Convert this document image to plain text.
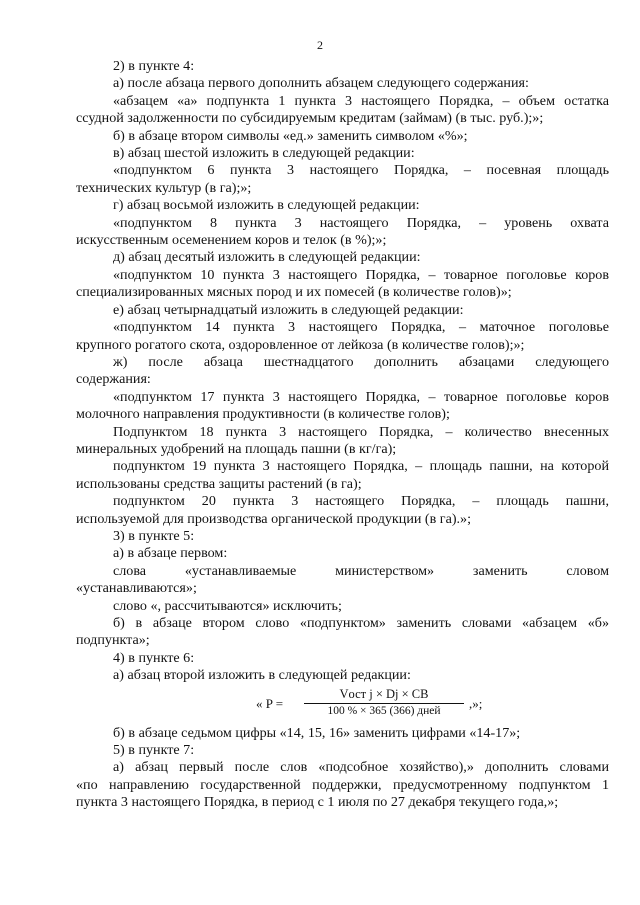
2

2) в пункте 4:

а) после абзаца первого дополнить абзацем следующего содержания:

«абзацем «а» подпункта 1 пункта 3 настоящего Порядка, – объем остатка
ссудной задолженности по субсидируемым кредитам (займам) (в тыс. руб.);»;

б) в абзаце втором символы «ед.» заменить символом «%»;

в) абзац шестой изложить в следующей редакции:

«подпунктом 6 пункта 3 настоящего Порядка, – посевная площадь
технических культур (в га);»;

г) абзац восьмой изложить в следующей редакции:

«подпунктом 8 пункта 3 настоящего Порядка, – уровень охвата
искусственным осеменением коров и телок (в %);»;

д) абзац десятый изложить в следующей редакции:

«подпунктом 10 пункта 3 настоящего Порядка, – товарное поголовье коров
специализированных мясных пород и их помесей (в количестве голов)»;

е) абзац четырнадцатый изложить в следующей редакции:

«подпунктом 14 пункта 3 настоящего Порядка, – маточное поголовье
крупного рогатого скота, оздоровленное от лейкоза (в количестве голов);»;

ж) после абзаца шестнадцатого дополнить абзацами следующего
содержания:

«подпунктом 17 пункта 3 настоящего Порядка, – товарное поголовье коров
молочного направления продуктивности (в количестве голов);

Подпунктом 18 пункта 3 настоящего Порядка, – количество внесенных
минеральных удобрений на площадь пашни (в кг/га);

подпунктом 19 пункта 3 настоящего Порядка, – площадь пашни, на которой
использованы средства защиты растений (в га);

подпунктом 20 пункта 3 настоящего Порядка, – площадь пашни,
используемой для производства органической продукции (в га).»;

3) в пункте 5:

а) в абзаце первом:

слова «устанавливаемые министерством» заменить словом
«устанавливаются»;

слово «, рассчитываются» исключить;

б) в абзаце втором слово «подпунктом» заменить словами «абзацем «б»
подпункта»;

4) в пункте 6:

а) абзац второй изложить в следующей редакции:

« P =
Vост j × Dj × CB
100 % × 365 (366) дней	,»;

б) в абзаце седьмом цифры «14, 15, 16» заменить цифрами «14-17»;

5) в пункте 7:

а) абзац первый после слов «подсобное хозяйство),» дополнить словами
«по направлению государственной поддержки, предусмотренному подпунктом 1
пункта 3 настоящего Порядка, в период с 1 июля по 27 декабря текущего года,»;
